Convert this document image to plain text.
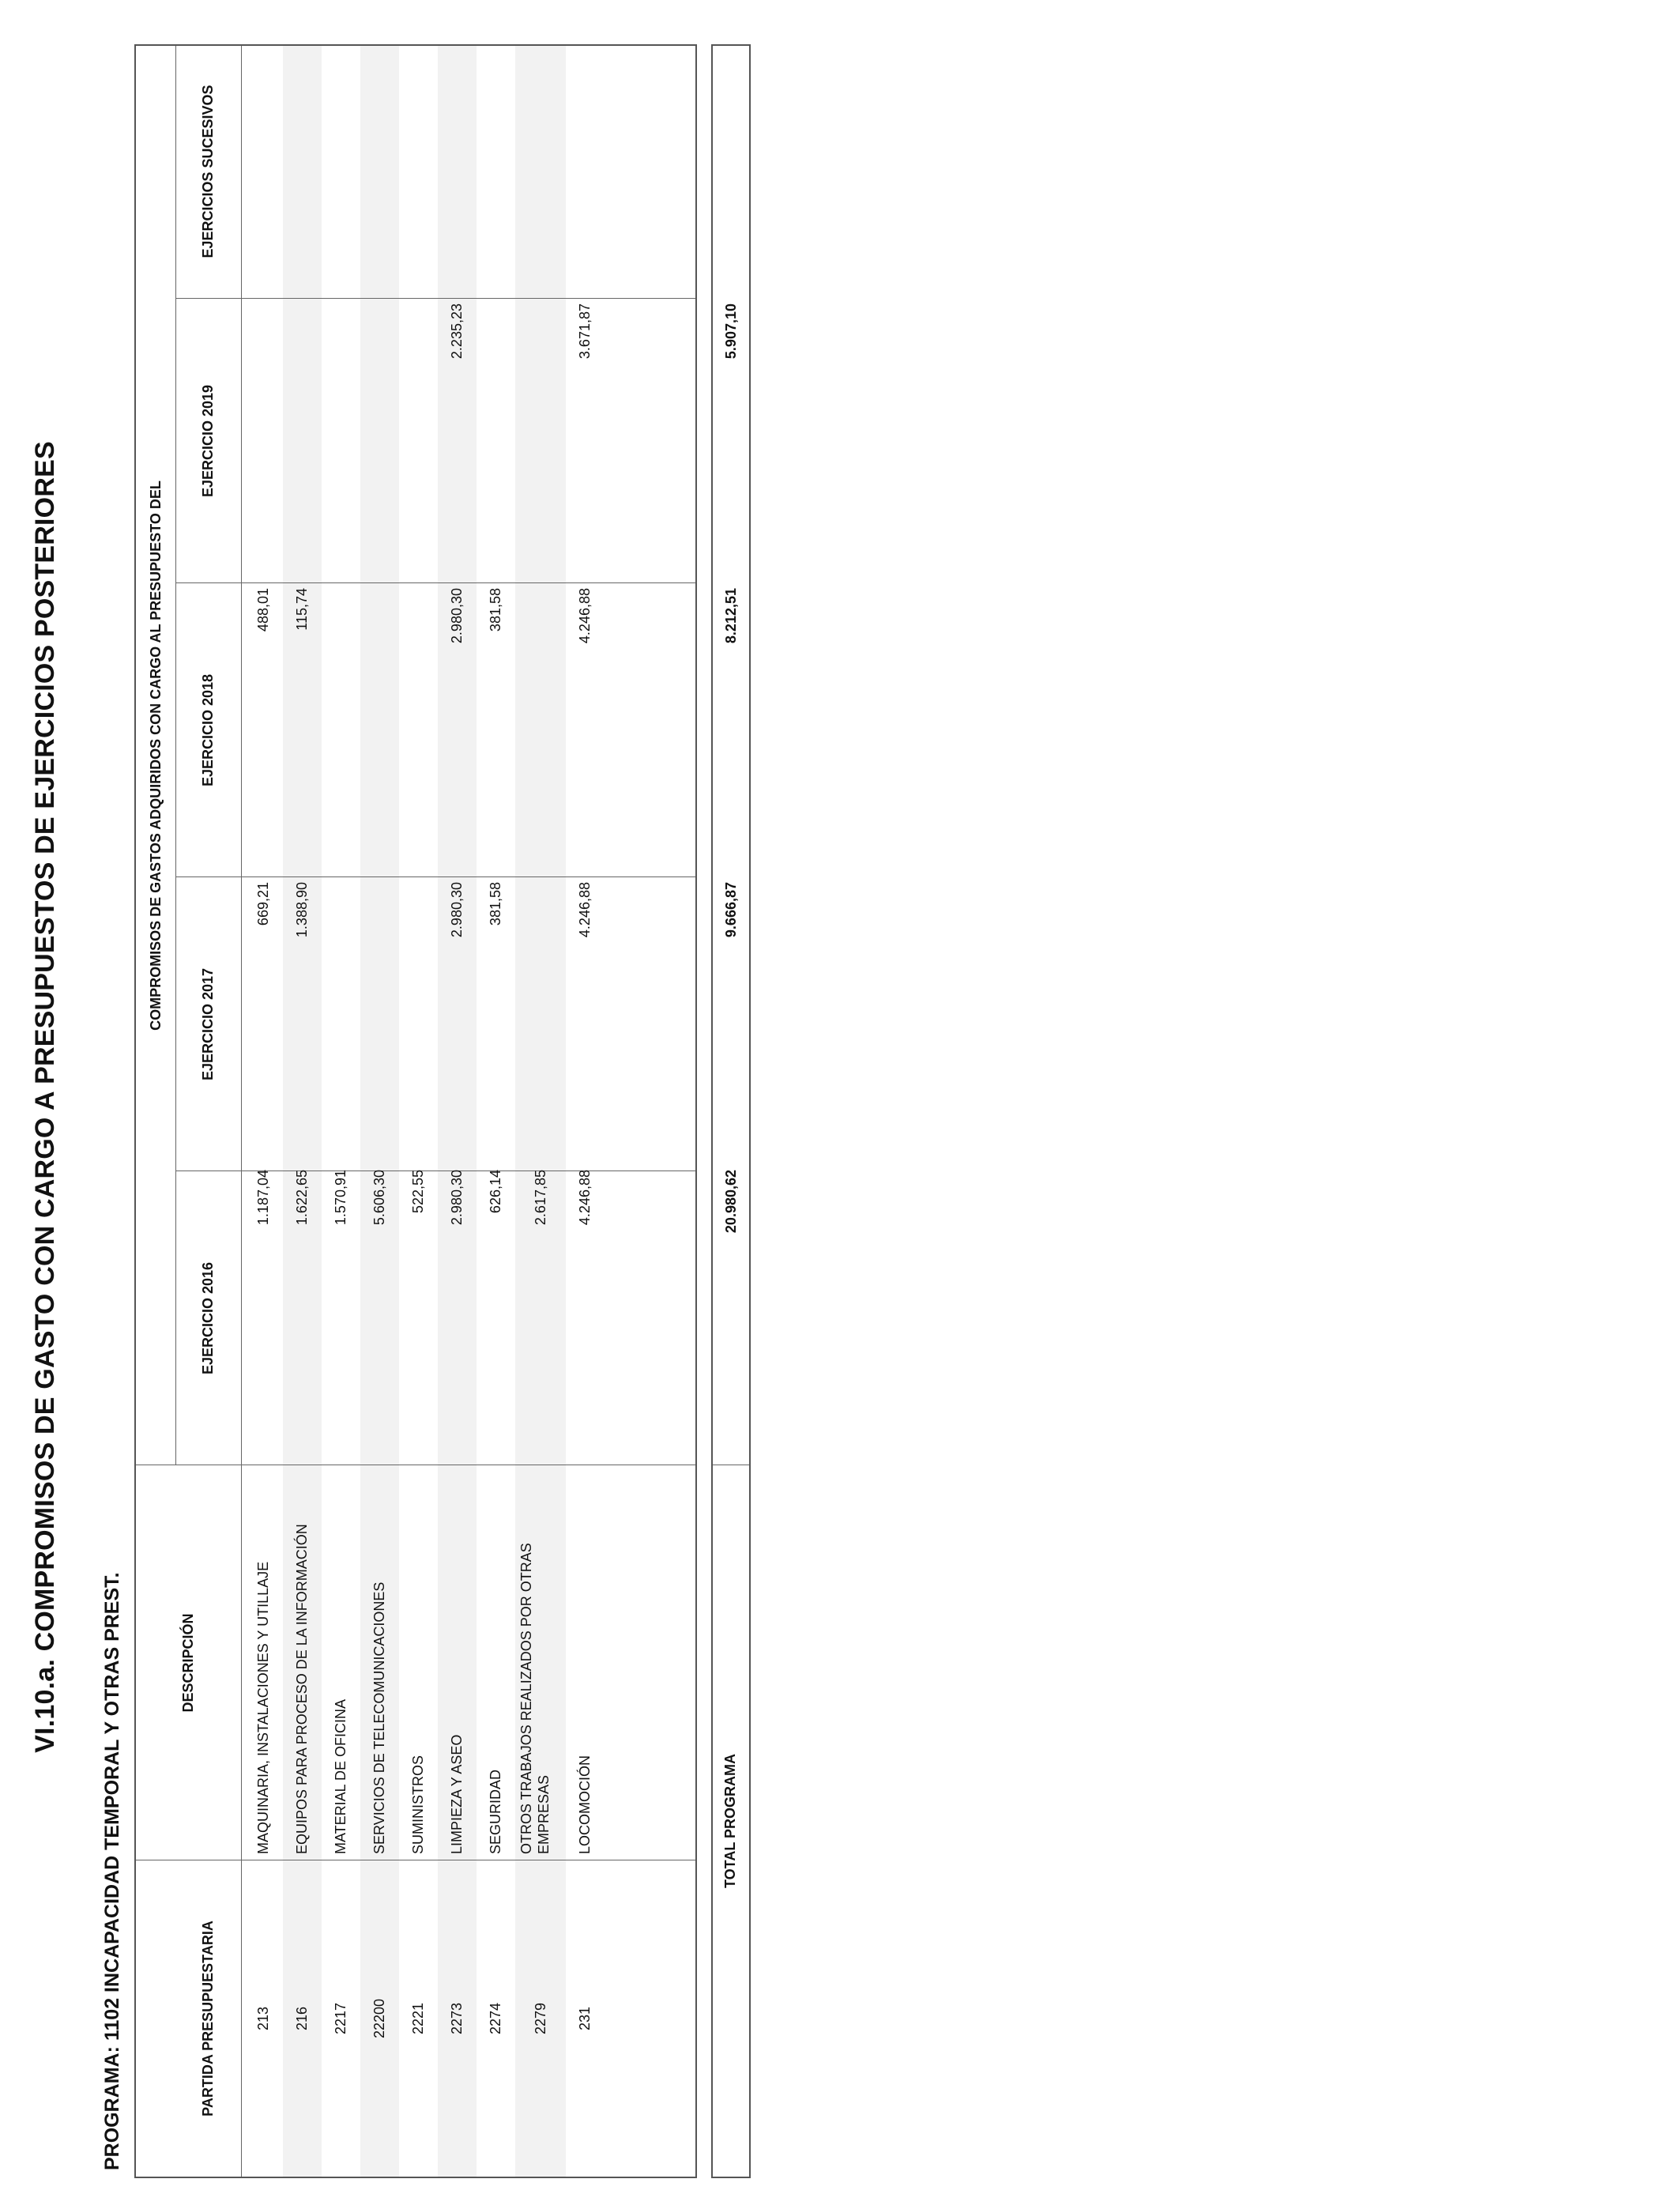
VI.10.a. COMPROMISOS DE GASTO CON CARGO A PRESUPUESTOS DE EJERCICIOS POSTERIORES
PROGRAMA: 1102 INCAPACIDAD TEMPORAL Y OTRAS PREST.	PARTIDA PRESUPUESTARIA
DESCRIPCIÓN
COMPROMISOS DE GASTOS ADQUIRIDOS CON CARGO AL PRESUPUESTO DEL
EJERCICIO 2016
EJERCICIO 2017
EJERCICIO 2018
EJERCICIO 2019
EJERCICIOS SUCESIVOS
213
MAQUINARIA, INSTALACIONES Y UTILLAJE
1.187,04
669,21
488,01
216
EQUIPOS PARA PROCESO DE LA INFORMACIÓN
1.622,65
1.388,90
115,74
2217
MATERIAL DE OFICINA
1.570,91
22200
SERVICIOS DE TELECOMUNICACIONES
5.606,30
2221
SUMINISTROS
522,55
2273
LIMPIEZA Y ASEO
2.980,30
2.980,30
2.980,30
2.235,23
2274
SEGURIDAD
626,14
381,58
381,58
2279
OTROS TRABAJOS REALIZADOS POR OTRAS EMPRESAS
2.617,85
231
LOCOMOCIÓN
4.246,88
4.246,88
4.246,88
3.671,87
TOTAL PROGRAMA
20.980,62
9.666,87
8.212,51
5.907,10
